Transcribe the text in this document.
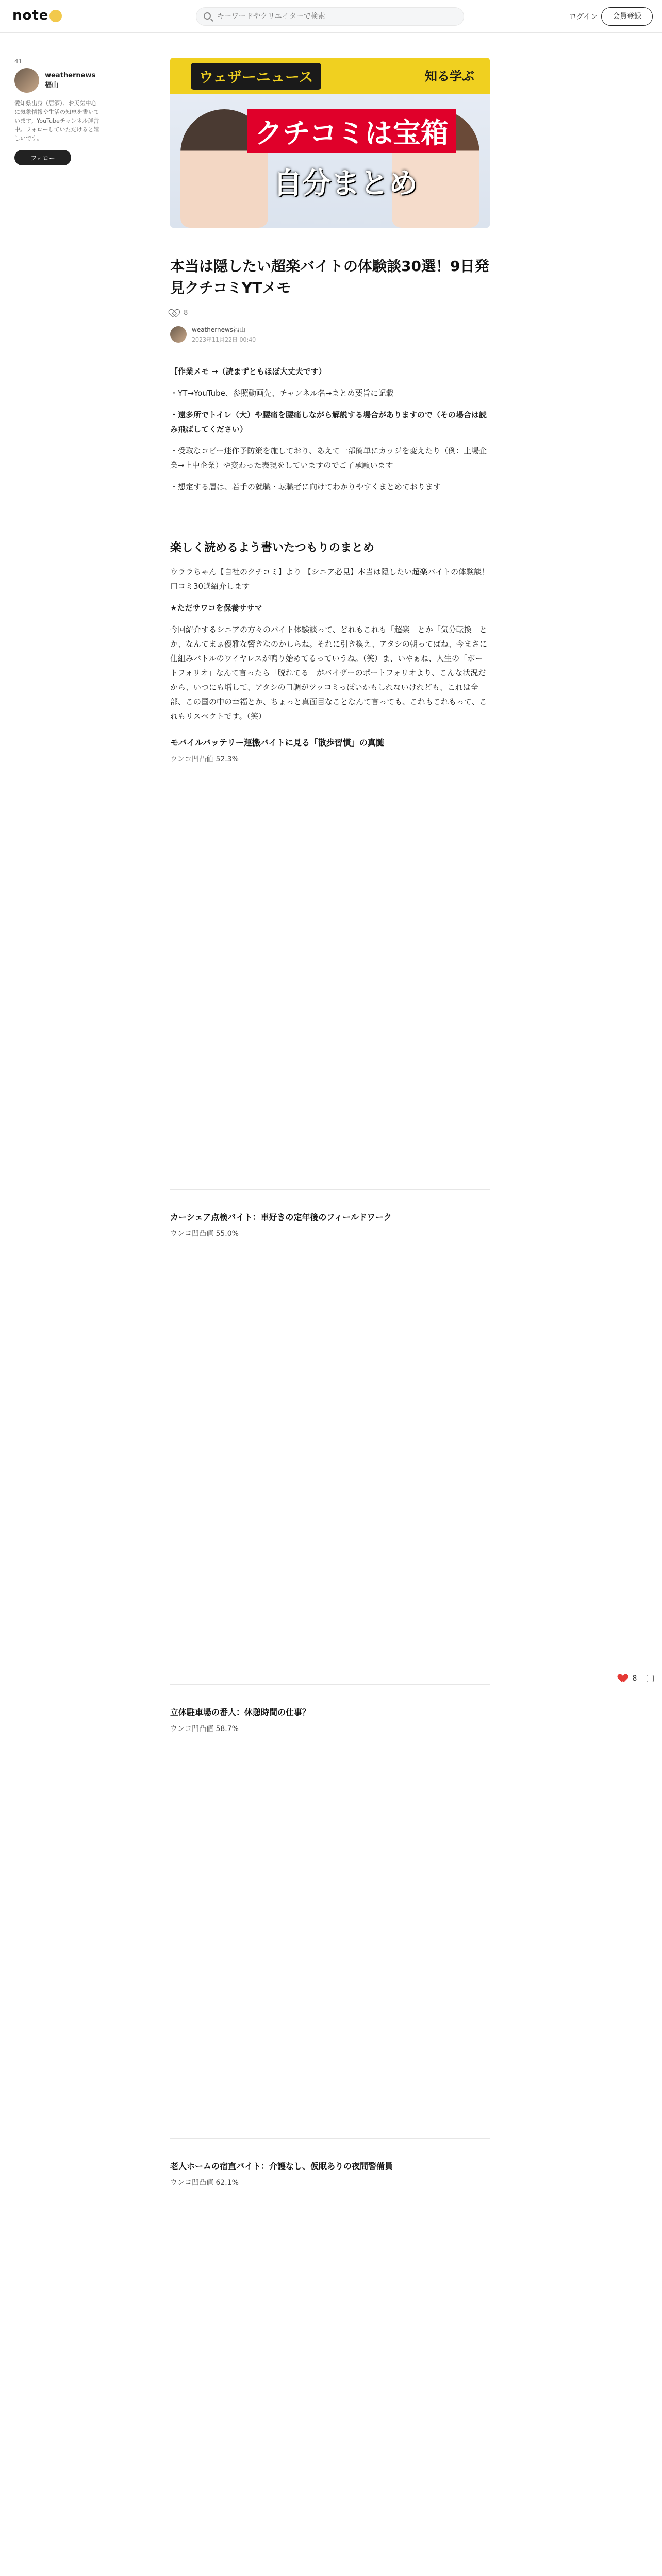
note
キーワードやクリエイターで検索	ログイン	会員登録
41
weathernews福山
愛知県出身（居酒）。お天気中心に気象情報や生活の知恵を書いています。YouTubeチャンネル運営中。フォローしていただけると嬉しいです。
フォロー
ウェザーニュース	知る学ぶ
クチコミは宝箱
自分まとめ
本当は隠したい超楽バイトの体験談30選！9日発見クチコミYTメモ
8
weathernews福山
2023年11月22日 00:40

【作業メモ →（読まずともほぼ大丈夫です）

・YT→YouTube、参照動画先、チャンネル名→まとめ要旨に記載

・遠多所でトイレ（大）や腰痛を腰痛しながら解説する場合がありますので（その場合は読み飛ばしてください）

・受取なコピー迷作予防策を施しており、あえて一部簡単にカッジを変えたり（例：上場企業→上中企業）や変わった表現をしていますのでご了承願います

・想定する層は、若手の就職・転職者に向けてわかりやすくまとめております

楽しく読めるよう書いたつもりのまとめ

ウララちゃん【自社のクチコミ】より 【シニア必見】本当は隠したい超楽バイトの体験談！口コミ30選紹介します

★ただサワコを保養ササマ

今回紹介するシニアの方々のバイト体験談って、どれもこれも「超楽」とか「気分転換」とか、なんてまぁ優雅な響きなのかしらね。それに引き換え、アタシの朝ってばね、今まさに仕組みバトルのワイヤレスが鳴り始めてるっていうね。（笑）ま、いやぁね、人生の「ボートフォリオ」なんて言ったら「脱れてる」がバイザーのポートフォリオより、こんな状況だから、いつにも増して、アタシの口調がツッコミっぽいかもしれないけれども、これは全部、この国の中の幸福とか、ちょっと真面目なことなんて言っても、これもこれもって、これもリスペクトです。（笑）

モバイルバッテリー運搬バイトに見る「散歩習慣」の真髄
ウンコ凹凸値 52.3%
カーシェア点検バイト：車好きの定年後のフィールドワーク
ウンコ凹凸値 55.0%
立体駐車場の番人：休憩時間の仕事？
ウンコ凹凸値 58.7%
老人ホームの宿直バイト：介護なし、仮眠ありの夜間警備員
ウンコ凹凸値 62.1%
8
